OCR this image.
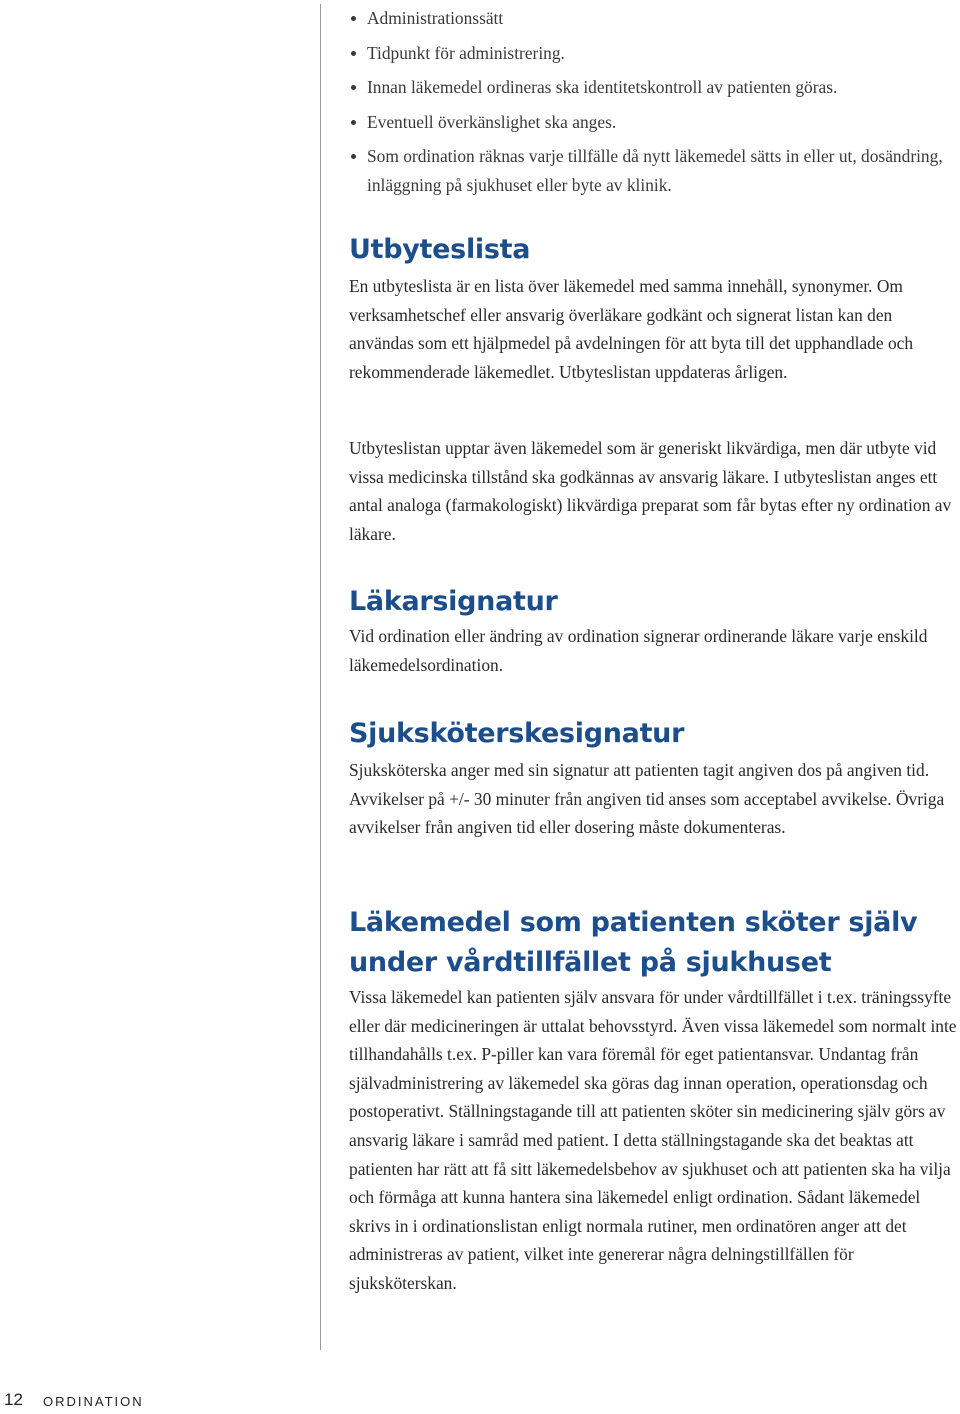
Administrationssätt
Tidpunkt för administrering.
Innan läkemedel ordineras ska identitetskontroll av patienten göras.
Eventuell överkänslighet ska anges.
Som ordination räknas varje tillfälle då nytt läkemedel sätts in eller ut, dosändring, inläggning på sjukhuset eller byte av klinik.
Utbyteslista

En utbyteslista är en lista över läkemedel med samma innehåll, synonymer. Om verksamhetschef eller ansvarig överläkare godkänt och signerat listan kan den användas som ett hjälpmedel på avdelningen för att byta till det upphandlade och rekommenderade läkemedlet. Utbyteslistan uppdateras årligen.

Utbyteslistan upptar även läkemedel som är generiskt likvärdiga, men där utbyte vid vissa medicinska tillstånd ska godkännas av ansvarig läkare. I utbyteslistan anges ett antal analoga (farmakologiskt) likvärdiga preparat som får bytas efter ny ordination av läkare.

Läkarsignatur

Vid ordination eller ändring av ordination signerar ordinerande läkare varje enskild läkemedelsordination.

Sjuksköterskesignatur

Sjuksköterska anger med sin signatur att patienten tagit angiven dos på angiven tid. Avvikelser på +/- 30 minuter från angiven tid anses som acceptabel avvikelse. Övriga avvikelser från angiven tid eller dosering måste dokumenteras.

Läkemedel som patienten sköter själv
under vårdtillfället på sjukhuset

Vissa läkemedel kan patienten själv ansvara för under vårdtillfället i t.ex. träningssyfte eller där medicineringen är uttalat behovsstyrd. Även vissa läkemedel som normalt inte tillhandahålls t.ex. P-piller kan vara föremål för eget patientansvar. Undantag från självadministrering av läkemedel ska göras dag innan operation, operationsdag och postoperativt. Ställningstagande till att patienten sköter sin medicinering själv görs av ansvarig läkare i samråd med patient. I detta ställningstagande ska det beaktas att patienten har rätt att få sitt läkemedelsbehov av sjukhuset och att patienten ska ha vilja och förmåga att kunna hantera sina läkemedel enligt ordination. Sådant läkemedel skrivs in i ordinationslistan enligt normala rutiner, men ordinatören anger att det administreras av patient, vilket inte genererar några delningstillfällen för sjuksköterskan.

12 ORDINATION
